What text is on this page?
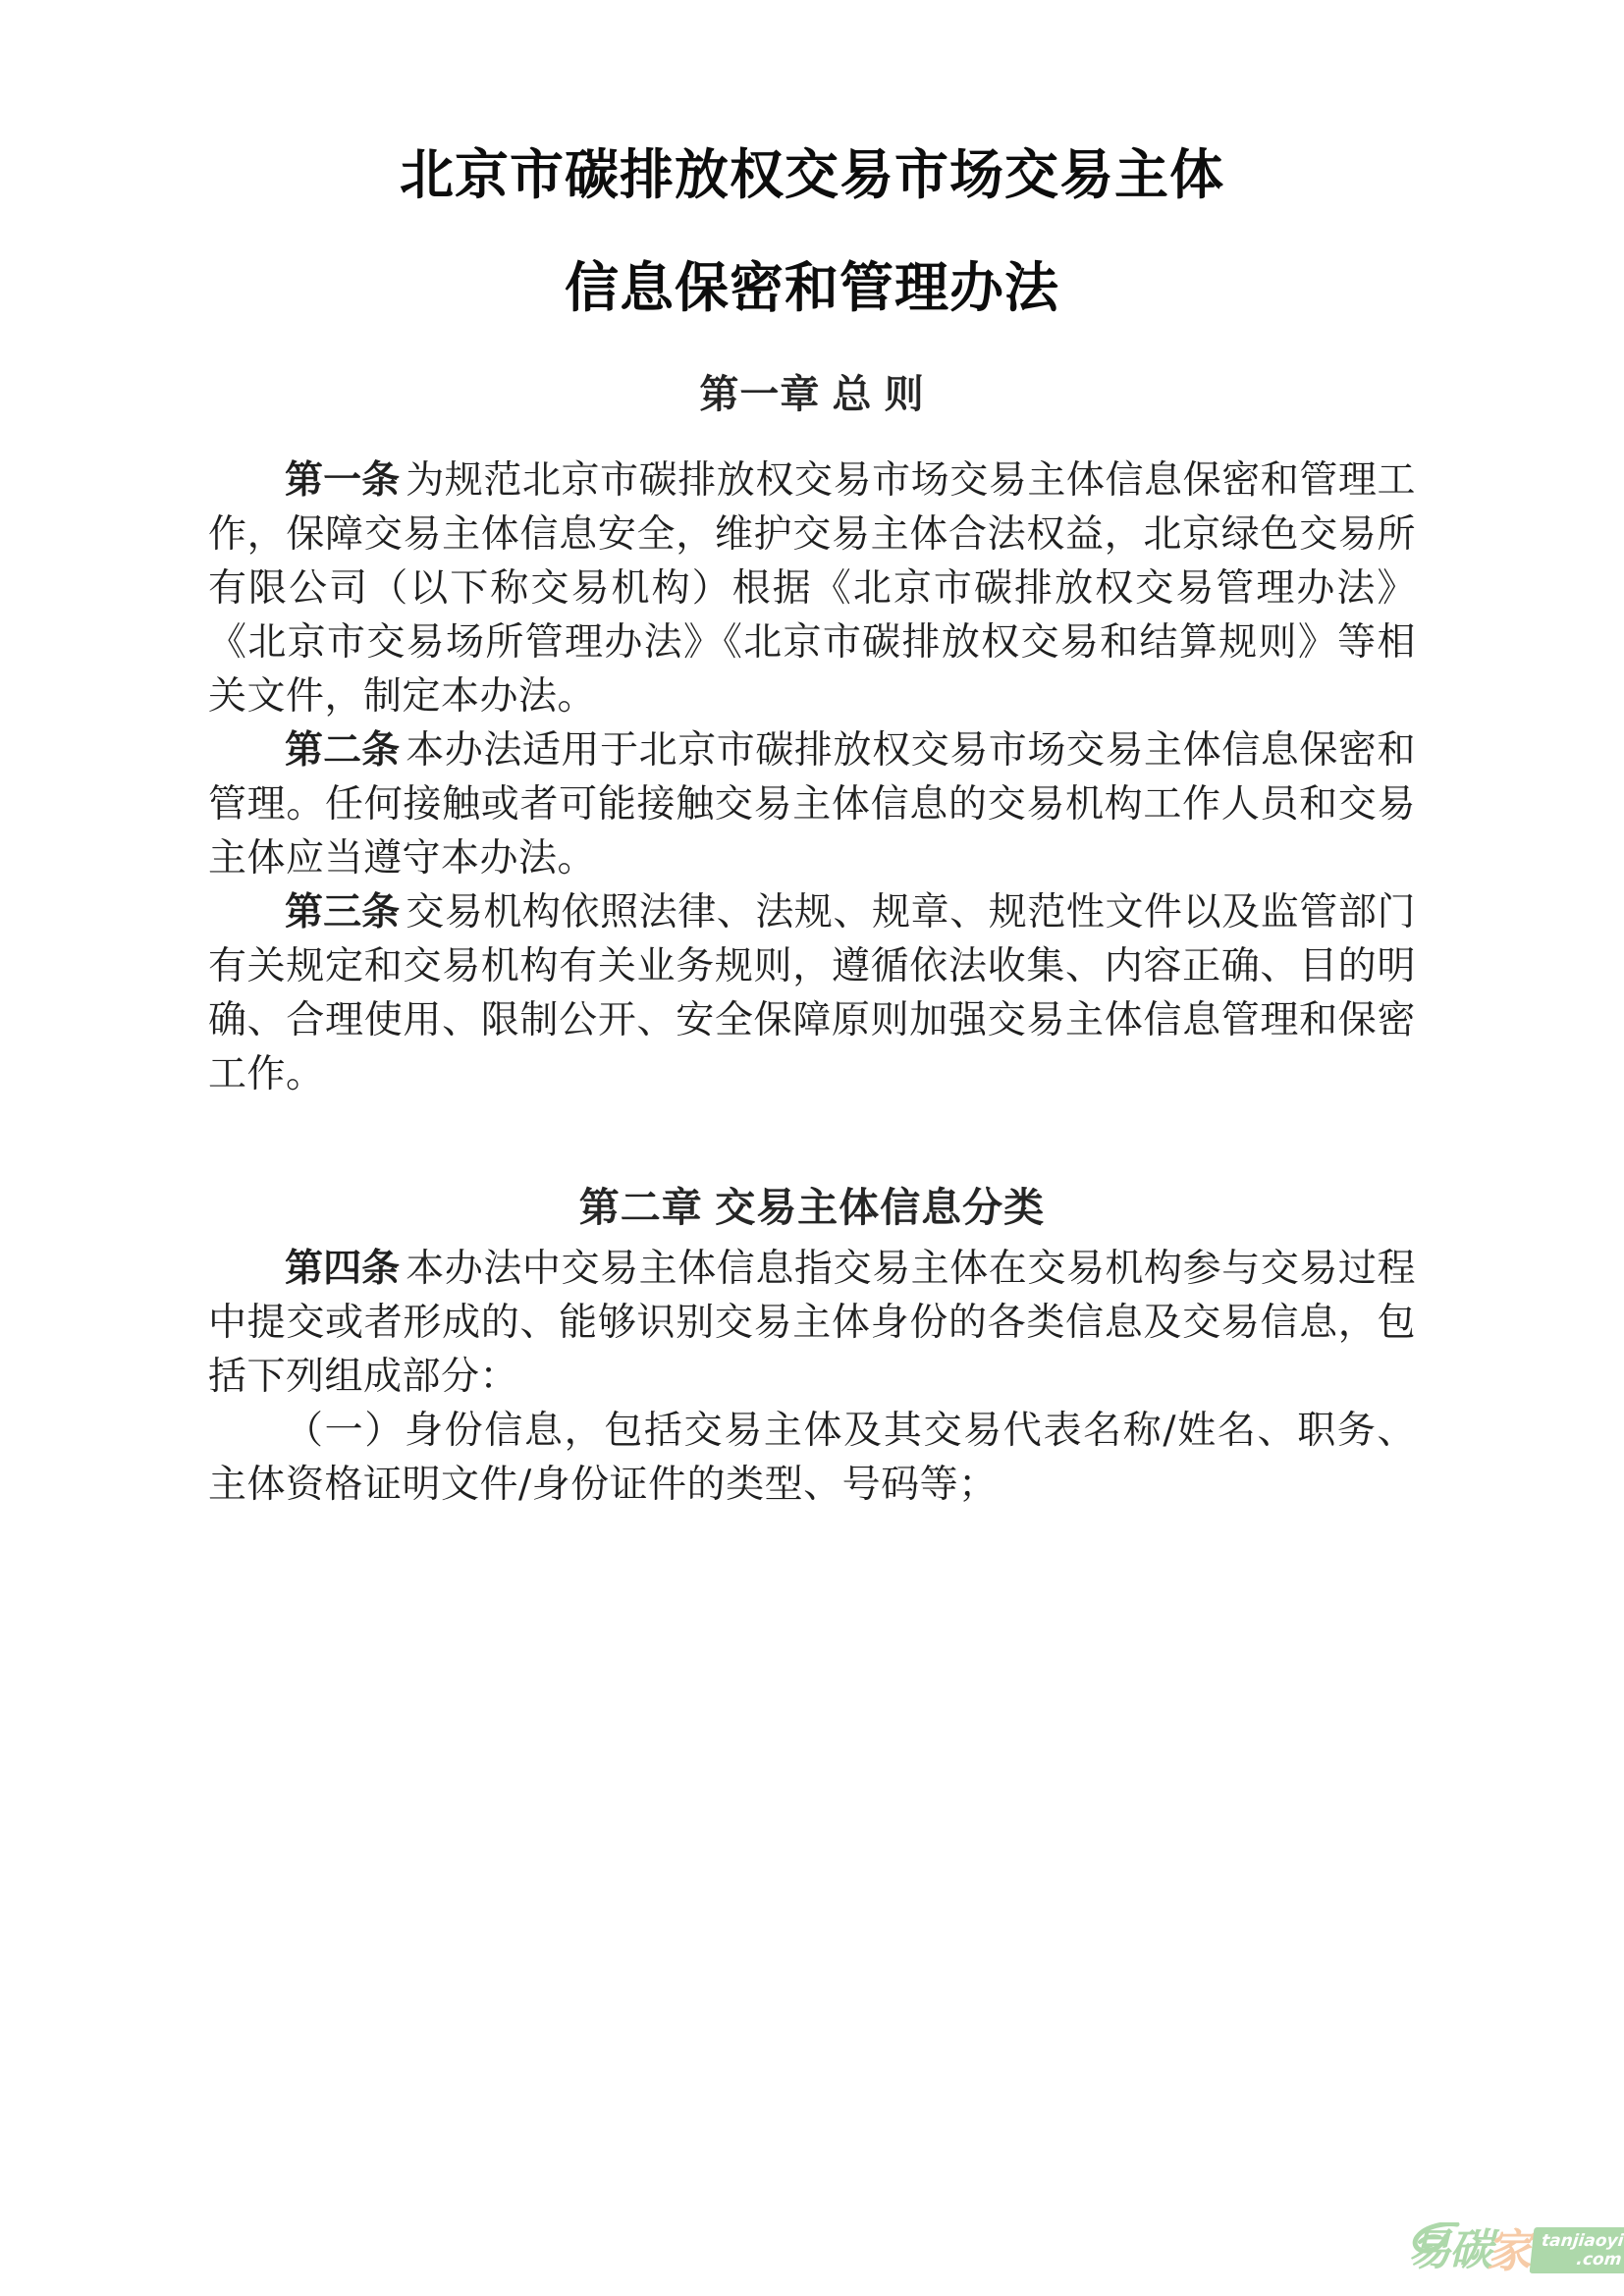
北京市碳排放权交易市场交易主体
信息保密和管理办法
第一章 总 则

第一条 为规范北京市碳排放权交易市场交易主体信息保密和管理工作，保障交易主体信息安全，维护交易主体合法权益，北京绿色交易所有限公司（以下称交易机构）根据《北京市碳排放权交易管理办法》《北京市交易场所管理办法》《北京市碳排放权交易和结算规则》等相关文件，制定本办法。

第二条 本办法适用于北京市碳排放权交易市场交易主体信息保密和管理。任何接触或者可能接触交易主体信息的交易机构工作人员和交易主体应当遵守本办法。

第三条 交易机构依照法律、法规、规章、规范性文件以及监管部门有关规定和交易机构有关业务规则，遵循依法收集、内容正确、目的明确、合理使用、限制公开、安全保障原则加强交易主体信息管理和保密工作。

第二章 交易主体信息分类

第四条 本办法中交易主体信息指交易主体在交易机构参与交易过程中提交或者形成的、能够识别交易主体身份的各类信息及交易信息，包括下列组成部分：

（一）身份信息，包括交易主体及其交易代表名称/姓名、职务、主体资格证明文件/身份证件的类型、号码等；

易 碳
家 tanjiaoyi
.com
